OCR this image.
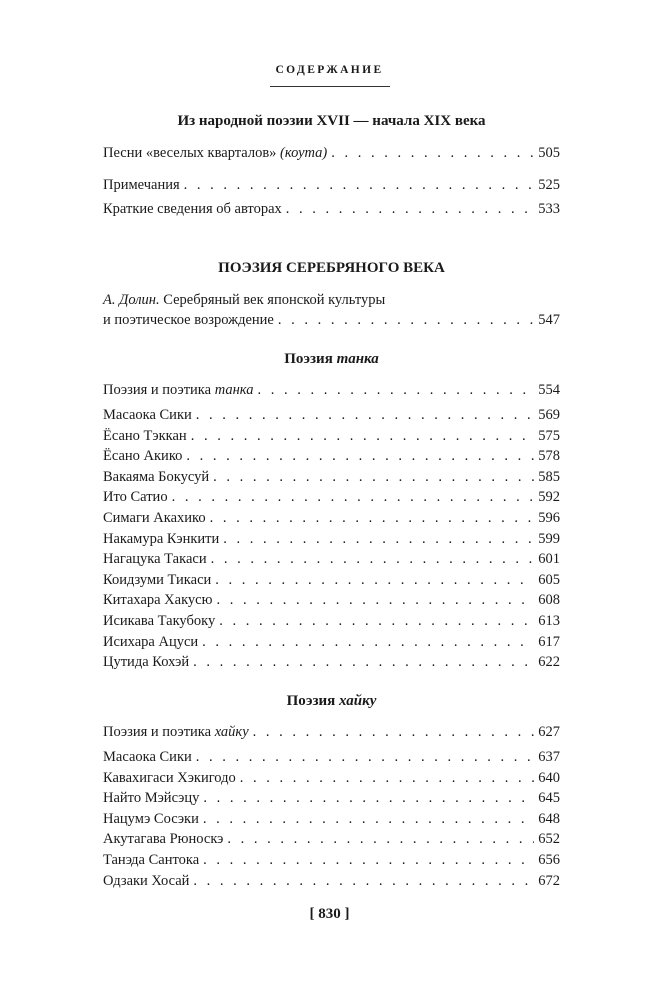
СОДЕРЖАНИЕ
Из народной поэзии XVII — начала XIX века
Песни «веселых кварталов» (коута) . . .	505
Примечания . . .	525
Краткие сведения об авторах . . .	533
ПОЭЗИЯ СЕРЕБРЯНОГО ВЕКА
А. Долин. Серебряный век японской культуры
и поэтическое возрождение . . .	547
Поэзия танка
Поэзия и поэтика танка . . .	554
Масаока Сики . . .	569
Ёсано Тэккан . . .	575
Ёсано Акико . . .	578
Вакаяма Бокусуй . . .	585
Ито Сатио . . .	592
Симаги Акахико . . .	596
Накамура Кэнкити . . .	599
Нагацука Такаси . . .	601
Коидзуми Тикаси . . .	605
Китахара Хакусю . . .	608
Исикава Такубоку . . .	613
Исихара Ацуси . . .	617
Цутида Кохэй . . .	622
Поэзия хайку
Поэзия и поэтика хайку . . .	627
Масаока Сики . . .	637
Кавахигаси Хэкигодо . . .	640
Найто Мэйсэцу . . .	645
Нацумэ Сосэки . . .	648
Акутагава Рюноскэ . . .	652
Танэда Сантока . . .	656
Одзаки Хосай . . .	672
[ 830 ]
